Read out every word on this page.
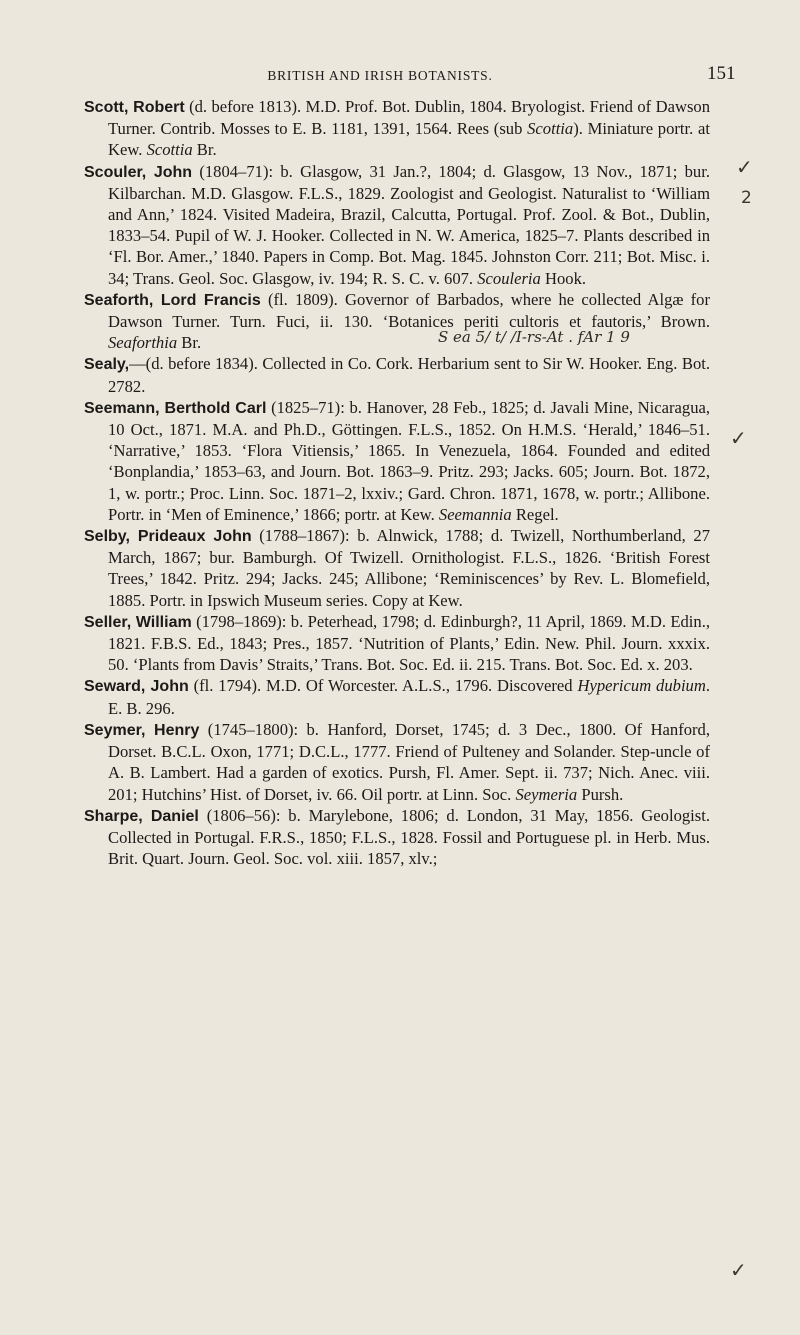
BRITISH AND IRISH BOTANISTS.	151

Scott, Robert (d. before 1813). M.D. Prof. Bot. Dublin, 1804. Bryologist. Friend of Dawson Turner. Contrib. Mosses to E. B. 1181, 1391, 1564. Rees (sub Scottia). Miniature portr. at Kew. Scottia Br.

Scouler, John (1804–71): b. Glasgow, 31 Jan.?, 1804; d. Glasgow, 13 Nov., 1871; bur. Kilbarchan. M.D. Glasgow. F.L.S., 1829. Zoologist and Geologist. Naturalist to ‘William and Ann,’ 1824. Visited Madeira, Brazil, Calcutta, Portugal. Prof. Zool. & Bot., Dublin, 1833–54. Pupil of W. J. Hooker. Collected in N. W. America, 1825–7. Plants described in ‘Fl. Bor. Amer.,’ 1840. Papers in Comp. Bot. Mag. 1845. Johnston Corr. 211; Bot. Misc. i. 34; Trans. Geol. Soc. Glasgow, iv. 194; R. S. C. v. 607. Scouleria Hook.

Seaforth, Lord Francis (fl. 1809). Governor of Barbados, where he collected Algæ for Dawson Turner. Turn. Fuci, ii. 130. ‘Botanices periti cultoris et fautoris,’ Brown. Seaforthia Br.

Sealy,—(d. before 1834). Collected in Co. Cork. Herbarium sent to Sir W. Hooker. Eng. Bot. 2782.

Seemann, Berthold Carl (1825–71): b. Hanover, 28 Feb., 1825; d. Javali Mine, Nicaragua, 10 Oct., 1871. M.A. and Ph.D., Göttingen. F.L.S., 1852. On H.M.S. ‘Herald,’ 1846–51. ‘Narrative,’ 1853. ‘Flora Vitiensis,’ 1865. In Venezuela, 1864. Founded and edited ‘Bonplandia,’ 1853–63, and Journ. Bot. 1863–9. Pritz. 293; Jacks. 605; Journ. Bot. 1872, 1, w. portr.; Proc. Linn. Soc. 1871–2, lxxiv.; Gard. Chron. 1871, 1678, w. portr.; Allibone. Portr. in ‘Men of Eminence,’ 1866; portr. at Kew. Seemannia Regel.

Selby, Prideaux John (1788–1867): b. Alnwick, 1788; d. Twizell, Northumberland, 27 March, 1867; bur. Bamburgh. Of Twizell. Ornithologist. F.L.S., 1826. ‘British Forest Trees,’ 1842. Pritz. 294; Jacks. 245; Allibone; ‘Reminiscences’ by Rev. L. Blomefield, 1885. Portr. in Ipswich Museum series. Copy at Kew.

Seller, William (1798–1869): b. Peterhead, 1798; d. Edinburgh?, 11 April, 1869. M.D. Edin., 1821. F.B.S. Ed., 1843; Pres., 1857. ‘Nutrition of Plants,’ Edin. New. Phil. Journ. xxxix. 50. ‘Plants from Davis’ Straits,’ Trans. Bot. Soc. Ed. ii. 215. Trans. Bot. Soc. Ed. x. 203.

Seward, John (fl. 1794). M.D. Of Worcester. A.L.S., 1796. Discovered Hypericum dubium. E. B. 296.

Seymer, Henry (1745–1800): b. Hanford, Dorset, 1745; d. 3 Dec., 1800. Of Hanford, Dorset. B.C.L. Oxon, 1771; D.C.L., 1777. Friend of Pulteney and Solander. Step-uncle of A. B. Lambert. Had a garden of exotics. Pursh, Fl. Amer. Sept. ii. 737; Nich. Anec. viii. 201; Hutchins’ Hist. of Dorset, iv. 66. Oil portr. at Linn. Soc. Seymeria Pursh.

Sharpe, Daniel (1806–56): b. Marylebone, 1806; d. London, 31 May, 1856. Geologist. Collected in Portugal. F.R.S., 1850; F.L.S., 1828. Fossil and Portuguese pl. in Herb. Mus. Brit. Quart. Journ. Geol. Soc. vol. xiii. 1857, xlv.;

✓
2
S ea 5/ t/ /I-rs-At . fAr 1 9
✓
✓
